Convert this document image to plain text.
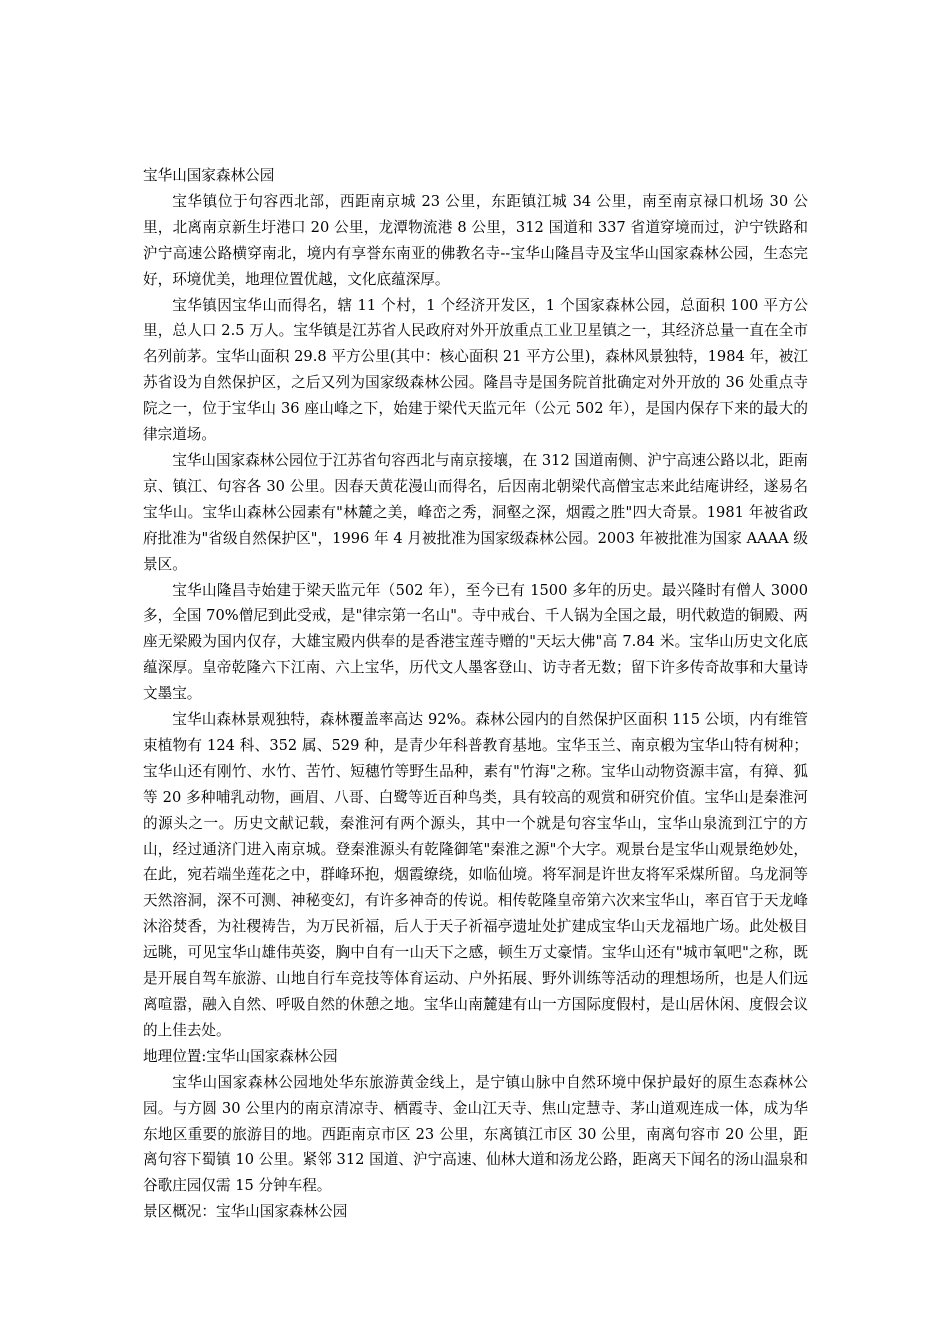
宝华山国家森林公园

宝华镇位于句容西北部，西距南京城 23 公里，东距镇江城 34 公里，南至南京禄口机场 30 公里，北离南京新生圩港口 20 公里，龙潭物流港 8 公里，312 国道和 337 省道穿境而过，沪宁铁路和沪宁高速公路横穿南北，境内有享誉东南亚的佛教名寺--宝华山隆昌寺及宝华山国家森林公园，生态完好，环境优美，地理位置优越，文化底蕴深厚。

宝华镇因宝华山而得名，辖 11 个村，1 个经济开发区，1 个国家森林公园，总面积 100 平方公里，总人口 2.5 万人。宝华镇是江苏省人民政府对外开放重点工业卫星镇之一，其经济总量一直在全市名列前茅。宝华山面积 29.8 平方公里(其中：核心面积 21 平方公里)，森林风景独特，1984 年，被江苏省设为自然保护区，之后又列为国家级森林公园。隆昌寺是国务院首批确定对外开放的 36 处重点寺院之一，位于宝华山 36 座山峰之下，始建于梁代天监元年（公元 502 年），是国内保存下来的最大的律宗道场。

宝华山国家森林公园位于江苏省句容西北与南京接壤，在 312 国道南侧、沪宁高速公路以北，距南京、镇江、句容各 30 公里。因春天黄花漫山而得名，后因南北朝梁代高僧宝志来此结庵讲经，遂易名宝华山。宝华山森林公园素有"林麓之美，峰峦之秀，洞壑之深，烟霞之胜"四大奇景。1981 年被省政府批准为"省级自然保护区"，1996 年 4 月被批准为国家级森林公园。2003 年被批准为国家 AAAA 级景区。

宝华山隆昌寺始建于梁天监元年（502 年），至今已有 1500 多年的历史。最兴隆时有僧人 3000 多，全国 70%僧尼到此受戒，是"律宗第一名山"。寺中戒台、千人锅为全国之最，明代敕造的铜殿、两座无梁殿为国内仅存，大雄宝殿内供奉的是香港宝莲寺赠的"天坛大佛"高 7.84 米。宝华山历史文化底蕴深厚。皇帝乾隆六下江南、六上宝华，历代文人墨客登山、访寺者无数；留下许多传奇故事和大量诗文墨宝。

宝华山森林景观独特，森林覆盖率高达 92%。森林公园内的自然保护区面积 115 公顷，内有维管束植物有 124 科、352 属、529 种，是青少年科普教育基地。宝华玉兰、南京椴为宝华山特有树种；宝华山还有刚竹、水竹、苦竹、短穗竹等野生品种，素有"竹海"之称。宝华山动物资源丰富，有獐、狐等 20 多种哺乳动物，画眉、八哥、白鹭等近百种鸟类，具有较高的观赏和研究价值。宝华山是秦淮河的源头之一。历史文献记载，秦淮河有两个源头，其中一个就是句容宝华山，宝华山泉流到江宁的方山，经过通济门进入南京城。登秦淮源头有乾隆御笔"秦淮之源"个大字。观景台是宝华山观景绝妙处，在此，宛若端坐莲花之中，群峰环抱，烟霞缭绕，如临仙境。将军洞是许世友将军采煤所留。乌龙洞等天然溶洞，深不可测、神秘变幻，有许多神奇的传说。相传乾隆皇帝第六次来宝华山，率百官于天龙峰沐浴焚香，为社稷祷告，为万民祈福，后人于天子祈福亭遗址处扩建成宝华山天龙福地广场。此处极目远眺，可见宝华山雄伟英姿，胸中自有一山天下之感，顿生万丈豪情。宝华山还有"城市氧吧"之称，既是开展自驾车旅游、山地自行车竞技等体育运动、户外拓展、野外训练等活动的理想场所，也是人们远离喧嚣，融入自然、呼吸自然的休憩之地。宝华山南麓建有山一方国际度假村，是山居休闲、度假会议的上佳去处。

地理位置:宝华山国家森林公园

宝华山国家森林公园地处华东旅游黄金线上，是宁镇山脉中自然环境中保护最好的原生态森林公园。与方圆 30 公里内的南京清凉寺、栖霞寺、金山江天寺、焦山定慧寺、茅山道观连成一体，成为华东地区重要的旅游目的地。西距南京市区 23 公里，东离镇江市区 30 公里，南离句容市 20 公里，距离句容下蜀镇 10 公里。紧邻 312 国道、沪宁高速、仙林大道和汤龙公路，距离天下闻名的汤山温泉和谷歌庄园仅需 15 分钟车程。

景区概况：宝华山国家森林公园
